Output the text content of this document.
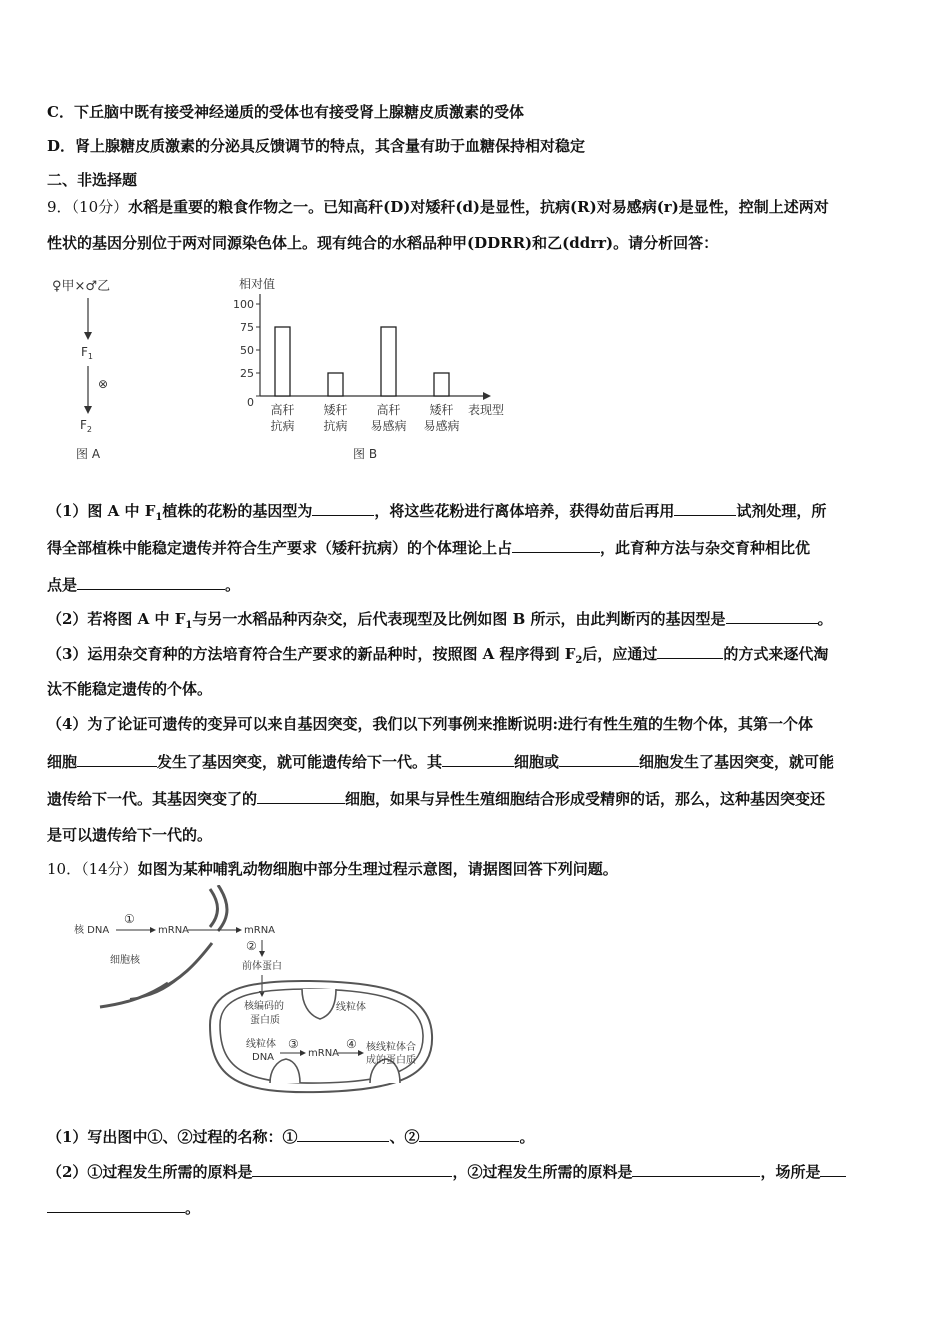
C．下丘脑中既有接受神经递质的受体也有接受肾上腺糖皮质激素的受体
D．肾上腺糖皮质激素的分泌具反馈调节的特点，其含量有助于血糖保持相对稳定
二、非选择题
9．（10分）水稻是重要的粮食作物之一。已知高秆(D)对矮秆(d)是显性，抗病(R)对易感病(r)是显性，控制上述两对
性状的基因分别位于两对同源染色体上。现有纯合的水稻品种甲(DDRR)和乙(ddrr)。请分析回答：
♀甲×♂乙
$F_1$
⊗
$F_2$
图 A
相对值
100
75
50
25
0
高秆
抗病
矮秆
抗病
高秆
易感病
矮秆
易感病
表现型
图 B
（1）图 A 中 $F_1$植株的花粉的基因型为	，将这些花粉进行离体培养，获得幼苗后再用	试剂处理，所
得全部植株中能稳定遗传并符合生产要求（矮秆抗病）的个体理论上占	，此育种方法与杂交育种相比优
点是	。
（2）若将图 A 中 $F_1$与另一水稻品种丙杂交，后代表现型及比例如图 B 所示，由此判断丙的基因型是	。
（3）运用杂交育种的方法培育符合生产要求的新品种时，按照图 A 程序得到 $F_2$后，应通过	的方式来逐代淘
汰不能稳定遗传的个体。
（4）为了论证可遗传的变异可以来自基因突变，我们以下列事例来推断说明:进行有性生殖的生物个体，其第一个体
细胞	发生了基因突变，就可能遗传给下一代。其	细胞或	细胞发生了基因突变，就可能
遗传给下一代。其基因突变了的	细胞，如果与异性生殖细胞结合形成受精卵的话，那么，这种基因突变还
是可以遗传给下一代的。
10．（14分）如图为某种哺乳动物细胞中部分生理过程示意图，请据图回答下列问题。
核 DNA
①
mRNA	mRNA
②
前体蛋白
细胞核
核编码的
蛋白质
线粒体
线粒体
DNA
③
mRNA
④ 核线粒体合
成的蛋白质
（1）写出图中①、②过程的名称：①	、②	。
（2）①过程发生所需的原料是	，②过程发生所需的原料是	，场所是
。
